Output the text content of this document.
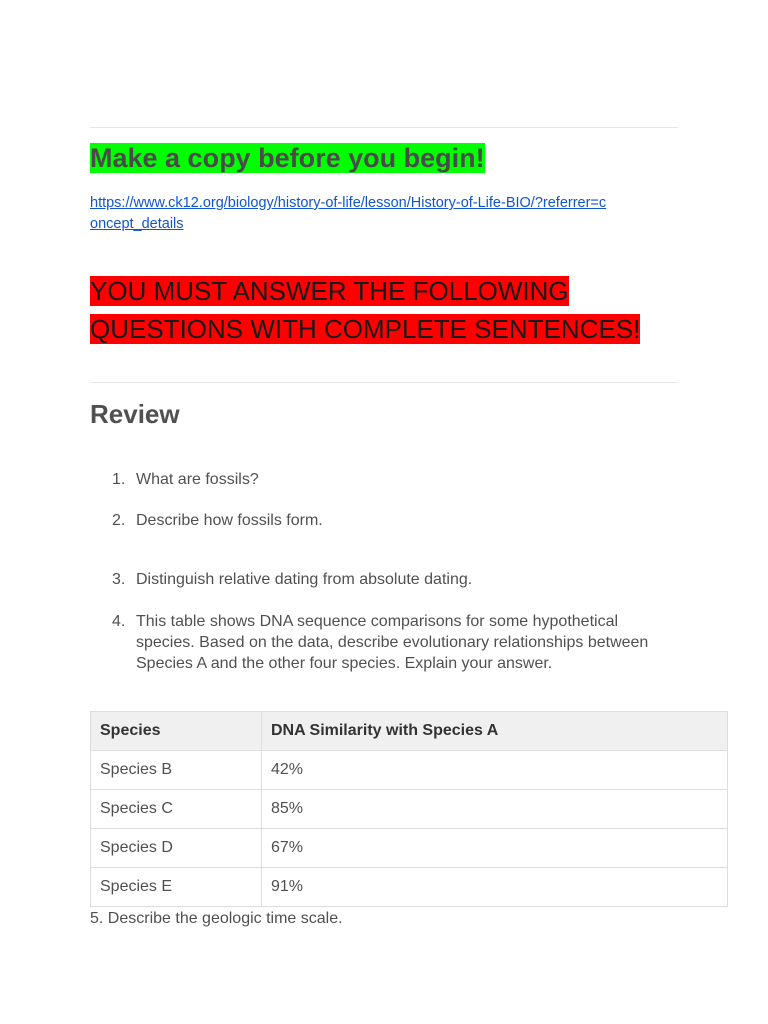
Make a copy before you begin!
https://www.ck12.org/biology/history-of-life/lesson/History-of-Life-BIO/?referrer=concept_details
YOU MUST ANSWER THE FOLLOWING QUESTIONS WITH COMPLETE SENTENCES!
Review
1. What are fossils?
2. Describe how fossils form.
3. Distinguish relative dating from absolute dating.
4. This table shows DNA sequence comparisons for some hypothetical species. Based on the data, describe evolutionary relationships between Species A and the other four species. Explain your answer.
Species	DNA Similarity with Species A
Species B	42%
Species C	85%
Species D	67%
Species E	91%
5. Describe the geologic time scale.
